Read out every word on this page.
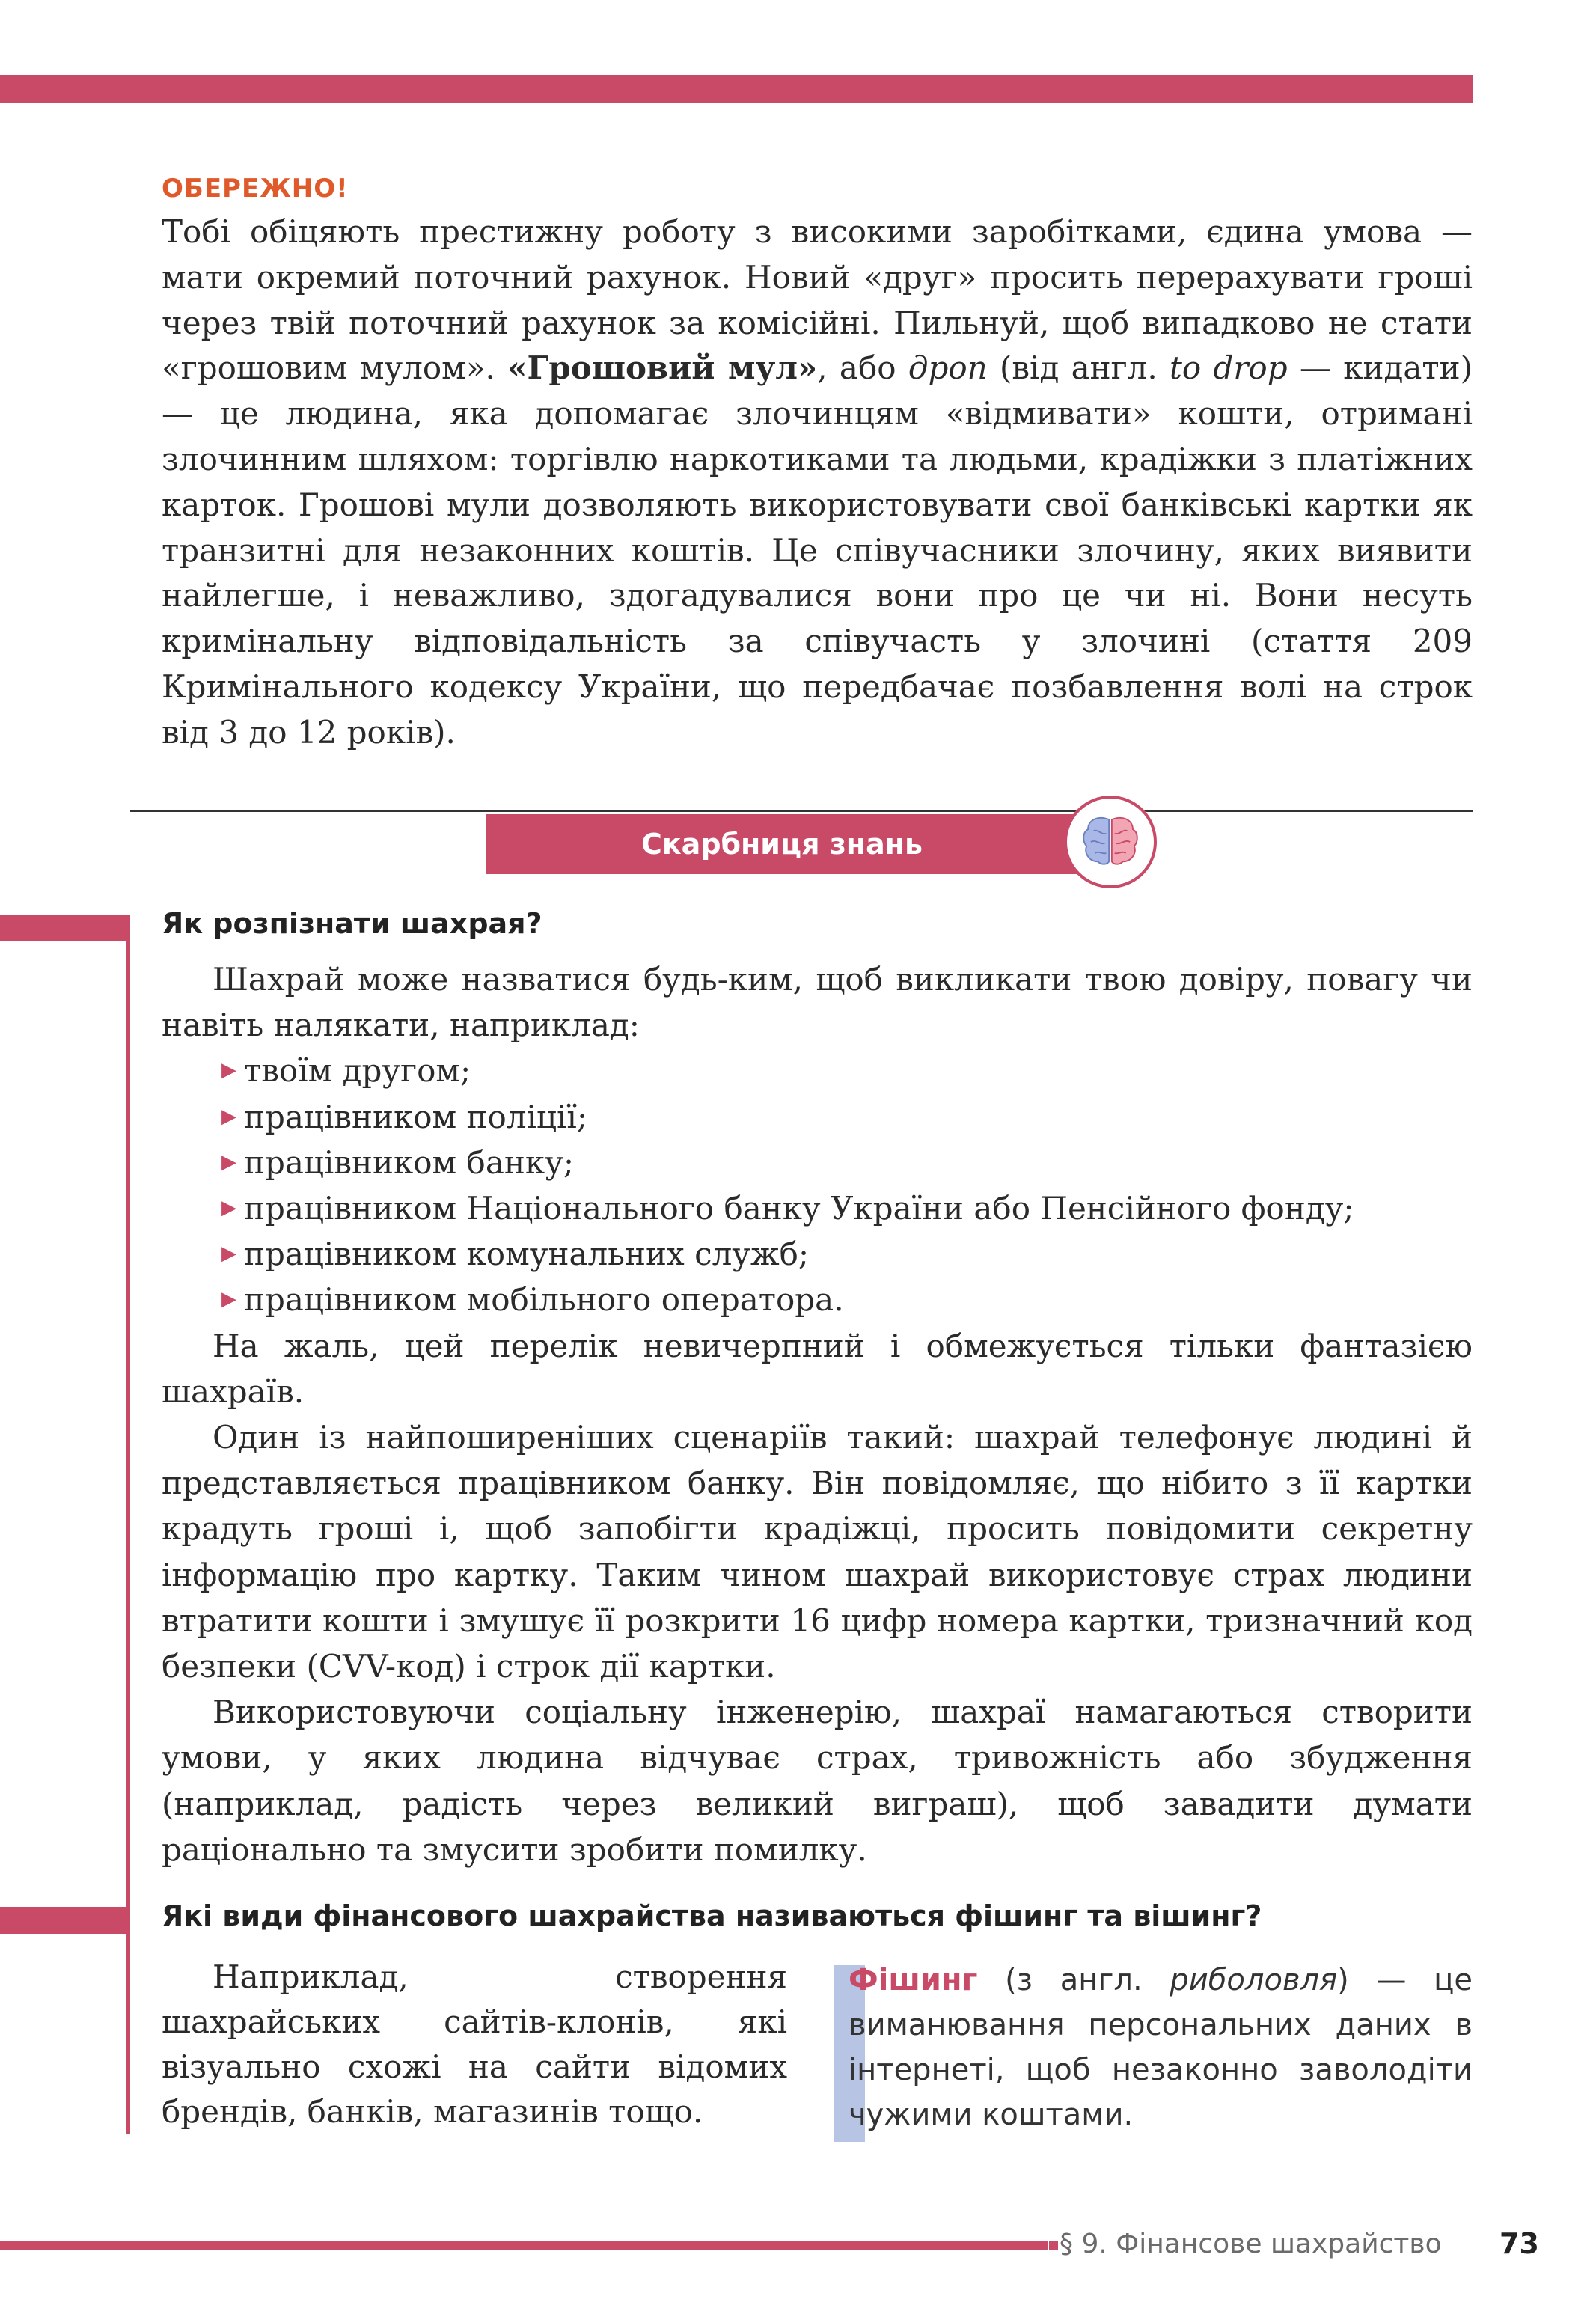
ОБЕРЕЖНО!

Тобі обіцяють престижну роботу з високими заробітками, єдина умова — мати окремий поточний рахунок. Новий «друг» просить перерахувати гроші через твій поточний рахунок за комісійні. Пильнуй, щоб випадково не стати «грошовим мулом». «Грошовий мул», або дроп (від англ. to drop — кидати) — це людина, яка допомагає злочинцям «відмивати» кошти, отримані злочинним шляхом: торгівлю наркотиками та людьми, крадіжки з платіжних карток. Грошові мули дозволяють використовувати свої банківські картки як транзитні для незаконних коштів. Це співучасники злочину, яких виявити найлегше, і неважливо, здогадувалися вони про це чи ні. Вони несуть кримінальну відповідальність за співучасть у злочині (стаття 209 Кримінального кодексу України, що передбачає позбавлення волі на строк від 3 до 12 років).

Скарбниця знань
Як розпізнати шахрая?

Шахрай може назватися будь-ким, щоб викликати твою довіру, повагу чи навіть налякати, наприклад:

▶ твоїм другом;
▶ працівником поліції;
▶ працівником банку;
▶ працівником Національного банку України або Пенсійного фонду;
▶ працівником комунальних служб;
▶ працівником мобільного оператора.

На жаль, цей перелік невичерпний і обмежується тільки фантазією шахраїв.

Один із найпоширеніших сценаріїв такий: шахрай телефонує людині й представляється працівником банку. Він повідомляє, що нібито з її картки крадуть гроші і, щоб запобігти крадіжці, просить повідомити секретну інформацію про картку. Таким чином шахрай використовує страх людини втратити кошти і змушує її розкрити 16 цифр номера картки, тризначний код безпеки (CVV-код) і строк дії картки.

Використовуючи соціальну інженерію, шахраї намагаються створити умови, у яких людина відчуває страх, тривожність або збудження (наприклад, радість через великий виграш), щоб завадити думати раціонально та змусити зробити помилку.

Які види фінансового шахрайства називаються фішинг та вішинг?

Наприклад, створення шахрайських сайтів-клонів, які візуально схожі на сайти відомих брендів, банків, магазинів тощо.

Фішинг (з англ. риболовля) — це виманювання персональних даних в інтернеті, щоб незаконно заволодіти чужими коштами.

§ 9. Фінансове шахрайство 73
